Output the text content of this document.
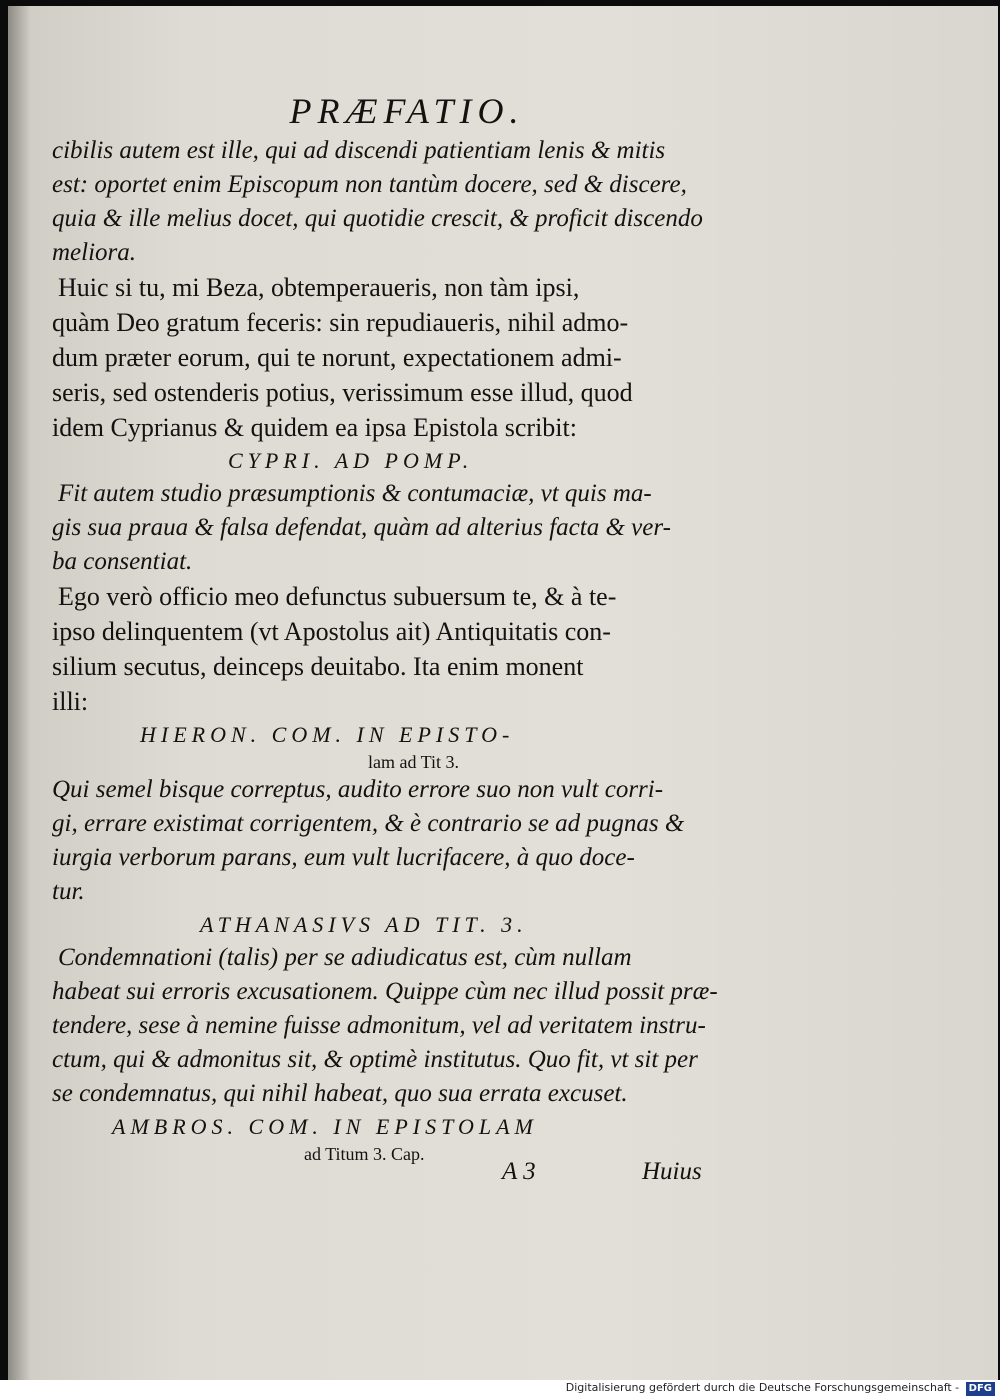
PRÆFATIO.
cibilis autem est ille, qui ad discendi patientiam lenis & mitis
est: oportet enim Episcopum non tantùm docere, sed & discere,
quia & ille melius docet, qui quotidie crescit, & proficit discendo
meliora.
Huic si tu, mi Beza, obtemperaueris, non tàm ipsi,
quàm Deo gratum feceris: sin repudiaueris, nihil admo-
dum præter eorum, qui te norunt, expectationem admi-
seris, sed ostenderis potius, verissimum esse illud, quod
idem Cyprianus & quidem ea ipsa Epistola scribit:
CYPRI. AD POMP.
Fit autem studio præsumptionis & contumaciæ, vt quis ma-
gis sua praua & falsa defendat, quàm ad alterius facta & ver-
ba consentiat.
Ego verò officio meo defunctus subuersum te, & à te-
ipso delinquentem (vt Apostolus ait) Antiquitatis con-
silium secutus, deinceps deuitabo. Ita enim monent
illi:
HIERON. COM. IN EPISTO-
lam ad Tit 3.
Qui semel bisque correptus, audito errore suo non vult corri-
gi, errare existimat corrigentem, & è contrario se ad pugnas &
iurgia verborum parans, eum vult lucrifacere, à quo doce-
tur.
ATHANASIVS AD TIT. 3.
Condemnationi (talis) per se adiudicatus est, cùm nullam
habeat sui erroris excusationem. Quippe cùm nec illud possit præ-
tendere, sese à nemine fuisse admonitum, vel ad veritatem instru-
ctum, qui & admonitus sit, & optimè institutus. Quo fit, vt sit per
se condemnatus, qui nihil habeat, quo sua errata excuset.
AMBROS. COM. IN EPISTOLAM
ad Titum 3. Cap.
A 3	Huius
Digitalisierung gefördert durch die Deutsche Forschungsgemeinschaft - DFG
